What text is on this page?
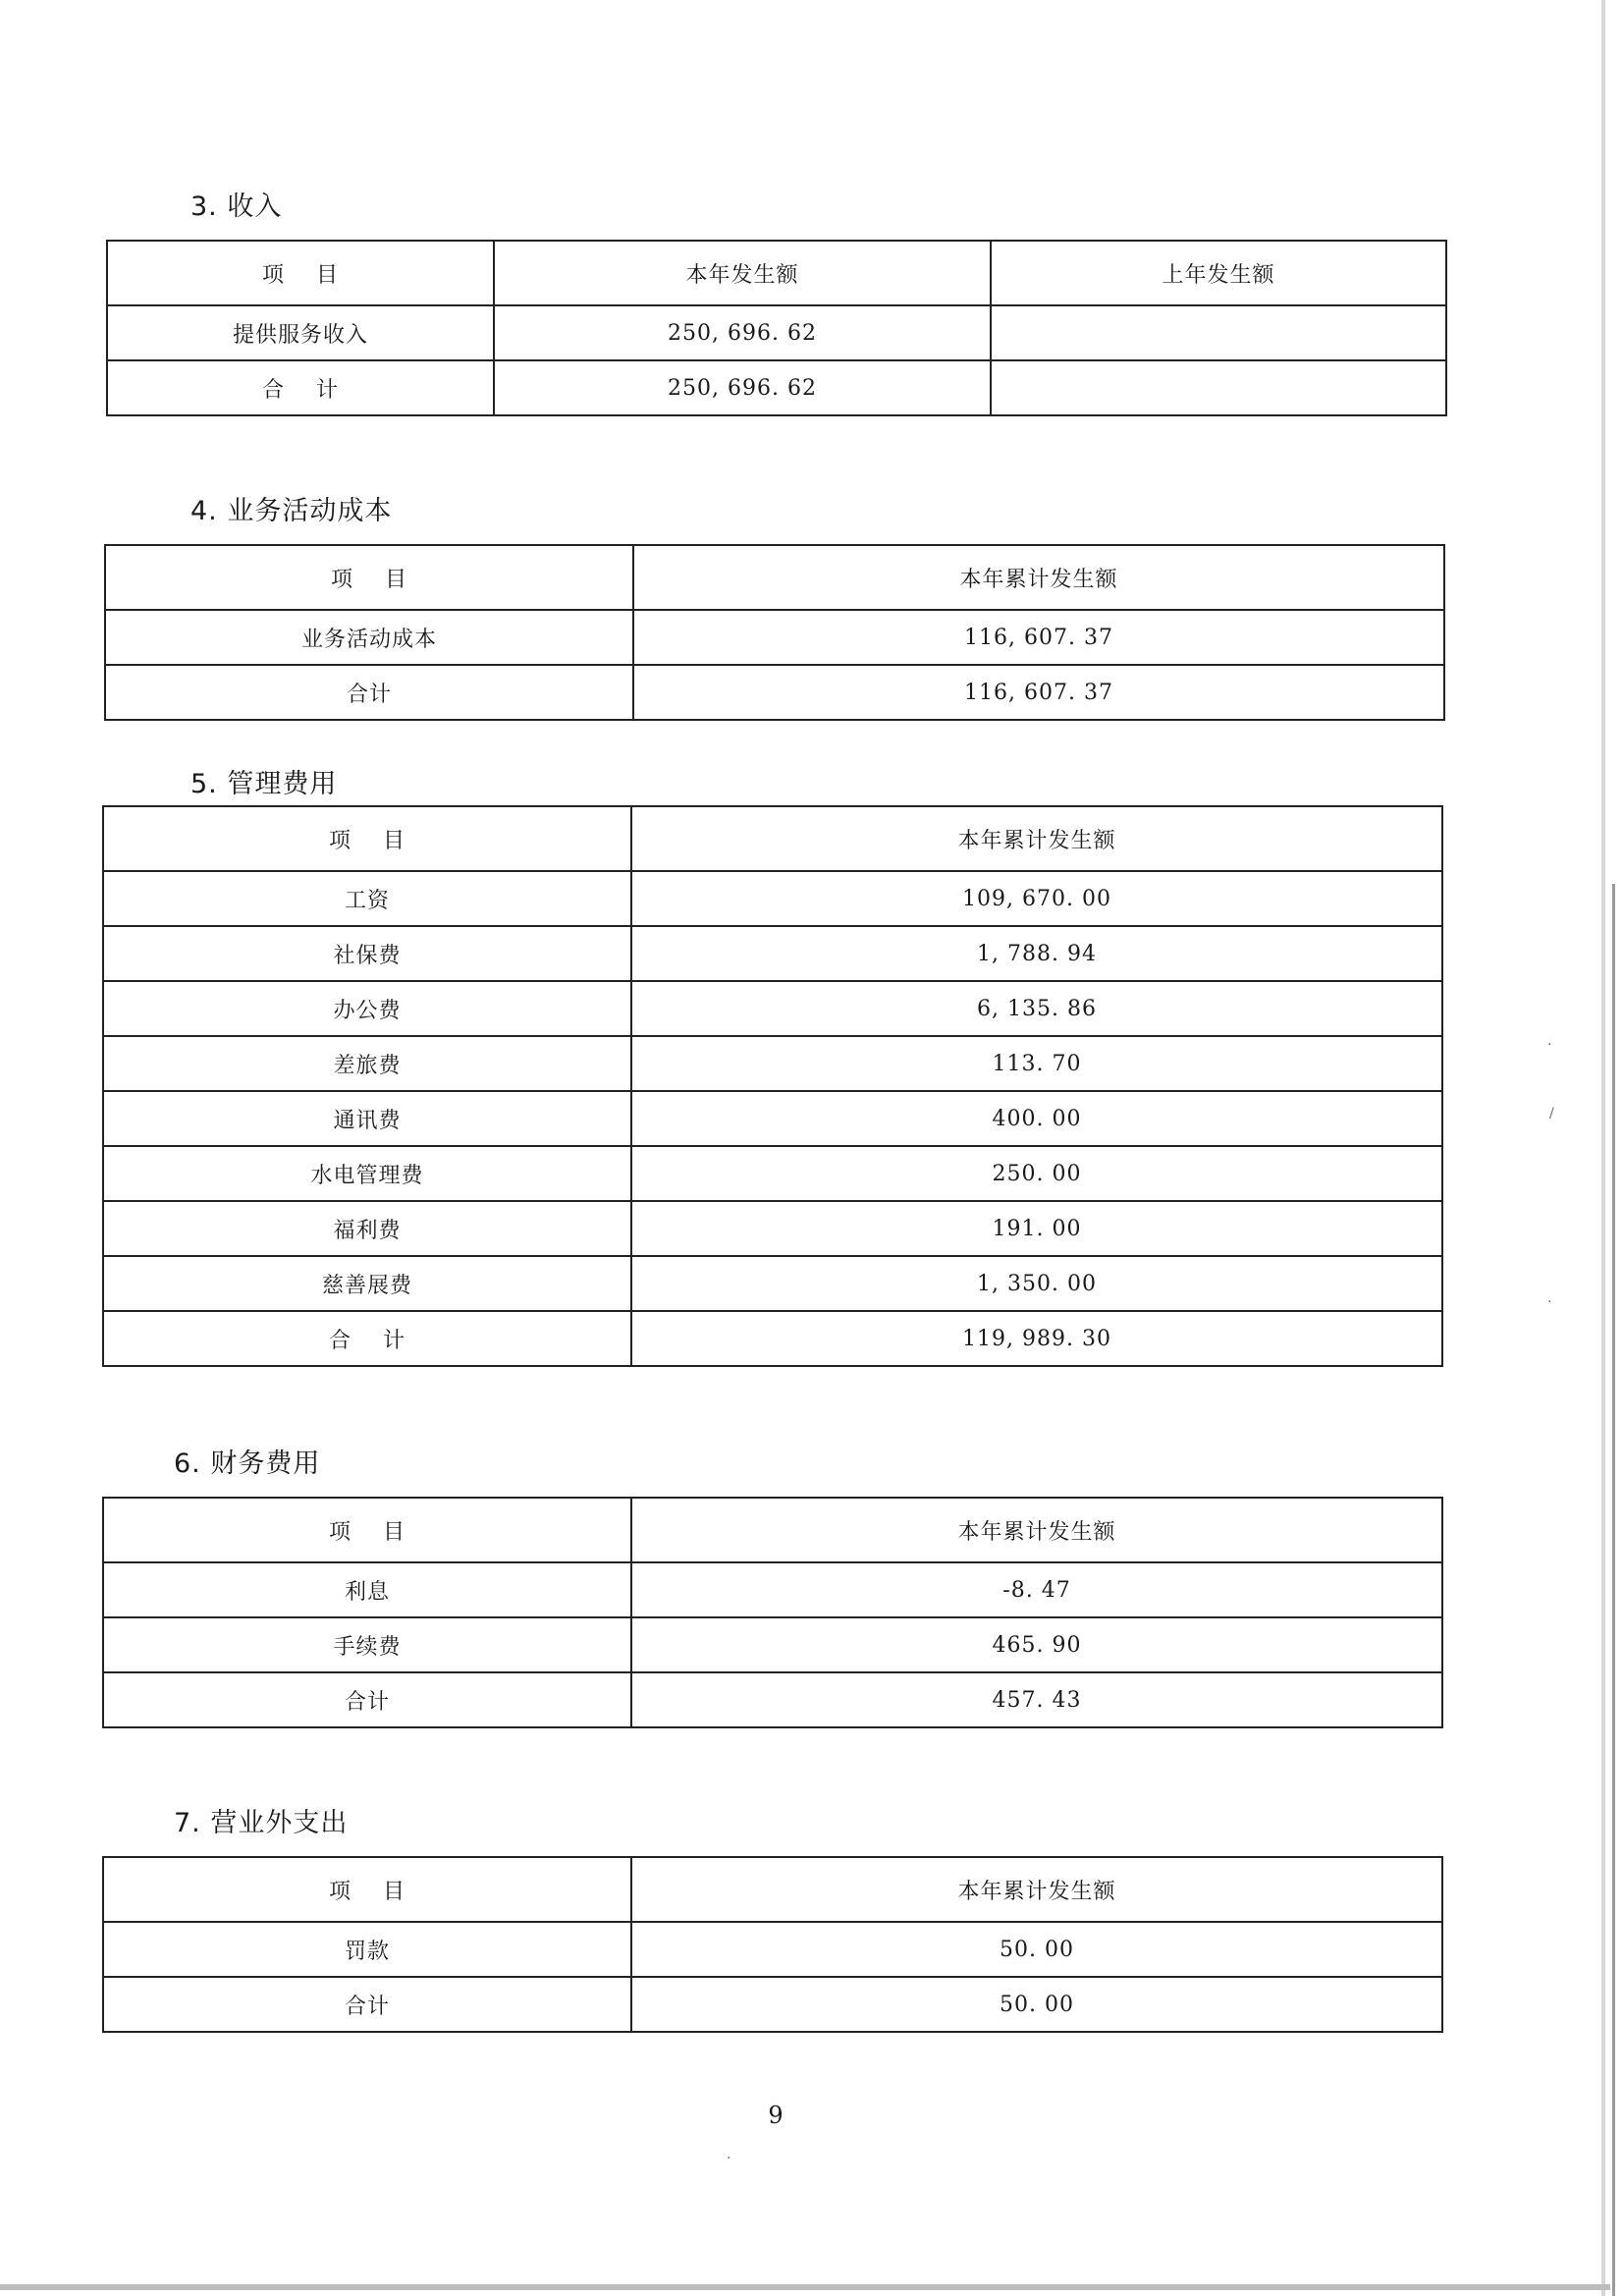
3. 收入
项    目	本年发生额	上年发生额
提供服务收入	250, 696. 62	
合    计	250, 696. 62	
4. 业务活动成本
项    目	本年累计发生额
业务活动成本	116, 607. 37
合计	116, 607. 37
5. 管理费用
项    目	本年累计发生额
工资	109, 670. 00
社保费	1, 788. 94
办公费	6, 135. 86
差旅费	113. 70
通讯费	400. 00
水电管理费	250. 00
福利费	191. 00
慈善展费	1, 350. 00
合    计	119, 989. 30
6. 财务费用
项    目	本年累计发生额
利息	-8. 47
手续费	465. 90
合计	457. 43
7. 营业外支出
项    目	本年累计发生额
罚款	50. 00
合计	50. 00
9
·
/
·
·
